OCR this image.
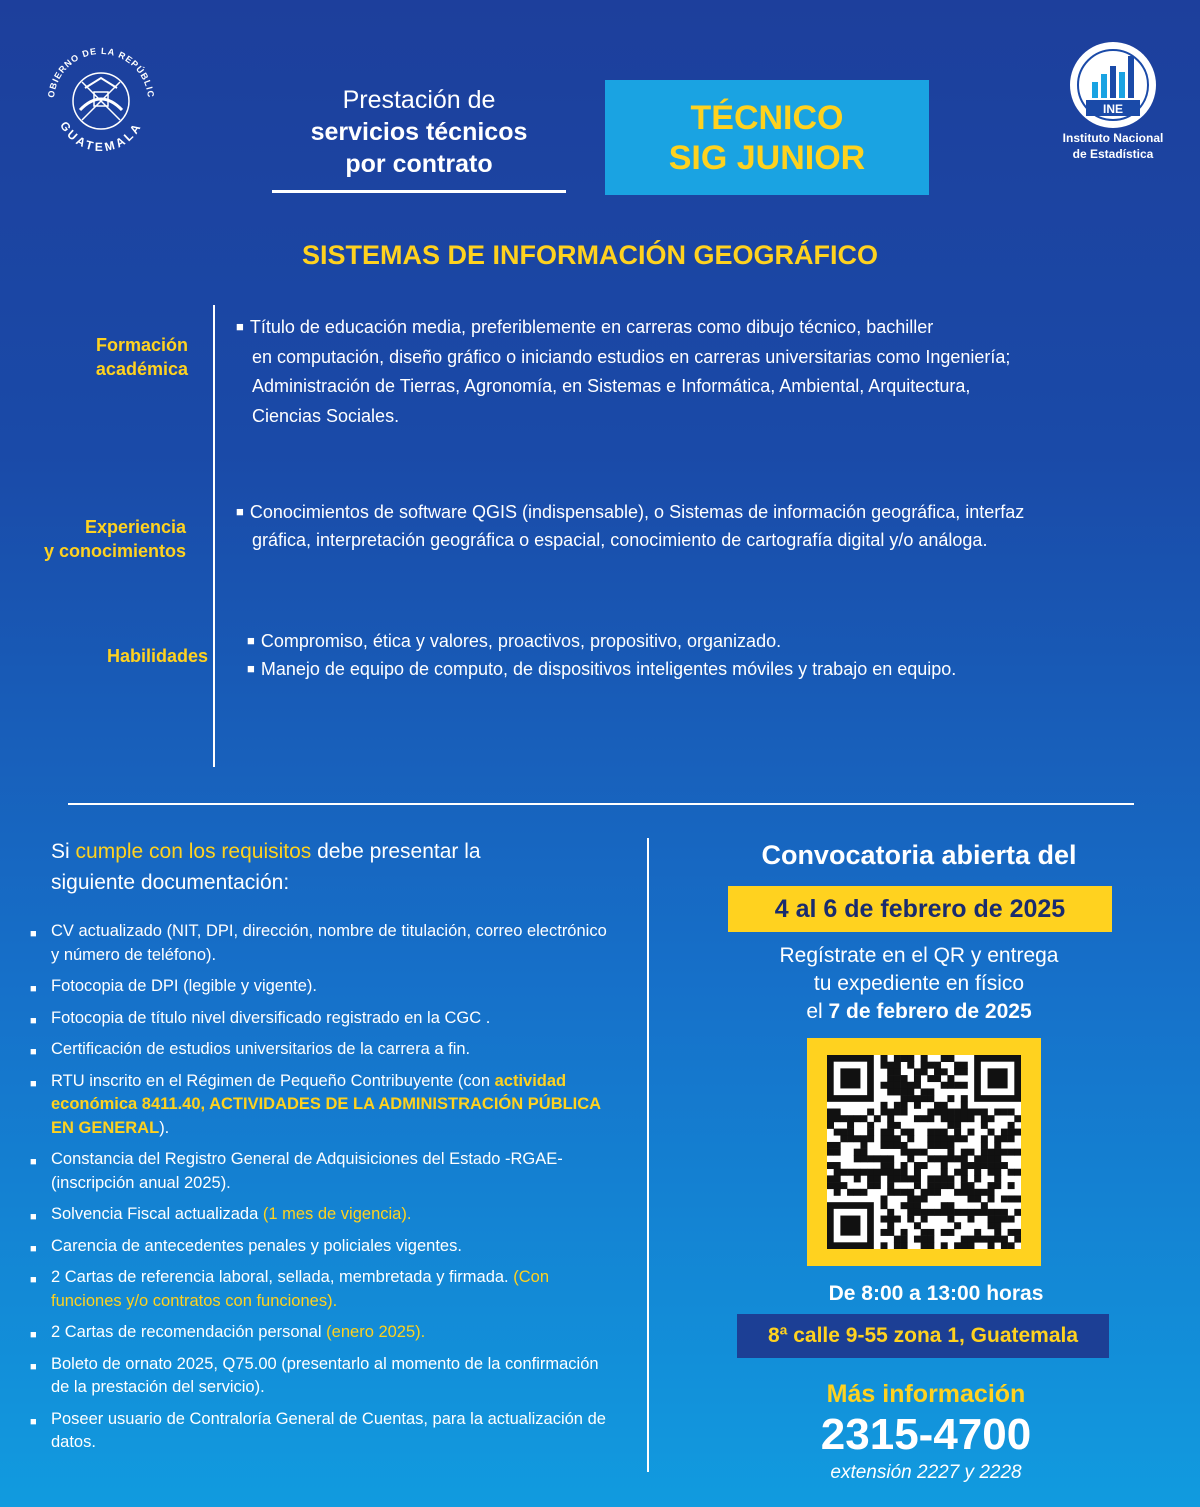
OBIERNO DE LA REPÚBLIC
GUATEMALA
Prestación de
servicios técnicos
por contrato
TÉCNICO
SIG JUNIOR
INE
Instituto Nacional
de Estadística
SISTEMAS DE INFORMACIÓN GEOGRÁFICO
Formación
académica
■ Título de educación media, preferiblemente en carreras como dibujo técnico, bachiller
en computación, diseño gráfico o iniciando estudios en carreras universitarias como Ingeniería;
Administración de Tierras, Agronomía, en Sistemas e Informática, Ambiental, Arquitectura,
Ciencias Sociales.
Experiencia
y conocimientos
■ Conocimientos de software QGIS (indispensable), o Sistemas de información geográfica, interfaz
gráfica, interpretación geográfica o espacial, conocimiento de cartografía digital y/o análoga.
Habilidades
■ Compromiso, ética y valores, proactivos, propositivo, organizado.
■ Manejo de equipo de computo, de dispositivos inteligentes móviles y trabajo en equipo.
Si cumple con los requisitos debe presentar la
siguiente documentación:
■ CV actualizado (NIT, DPI, dirección, nombre de titulación, correo electrónico y número de teléfono).
■ Fotocopia de DPI (legible y vigente).
■ Fotocopia de título nivel diversificado registrado en la CGC .
■ Certificación de estudios universitarios de la carrera a fin.
■ RTU inscrito en el Régimen de Pequeño Contribuyente (con actividad económica 8411.40, ACTIVIDADES DE LA ADMINISTRACIÓN PÚBLICA EN GENERAL).
■ Constancia del Registro General de Adquisiciones del Estado -RGAE- (inscripción anual 2025).
■ Solvencia Fiscal actualizada (1 mes de vigencia).
■ Carencia de antecedentes penales y policiales vigentes.
■ 2 Cartas de referencia laboral, sellada, membretada y firmada. (Con funciones y/o contratos con funciones).
■ 2 Cartas de recomendación personal (enero 2025).
■ Boleto de ornato 2025, Q75.00 (presentarlo al momento de la confirmación de la prestación del servicio).
■ Poseer usuario de Contraloría General de Cuentas, para la actualización de datos.
Convocatoria abierta del
4 al 6 de febrero de 2025
Regístrate en el QR y entrega
tu expediente en físico
el 7 de febrero de 2025
De 8:00 a 13:00 horas
8ª calle 9-55 zona 1, Guatemala
Más información
2315-4700
extensión 2227 y 2228
